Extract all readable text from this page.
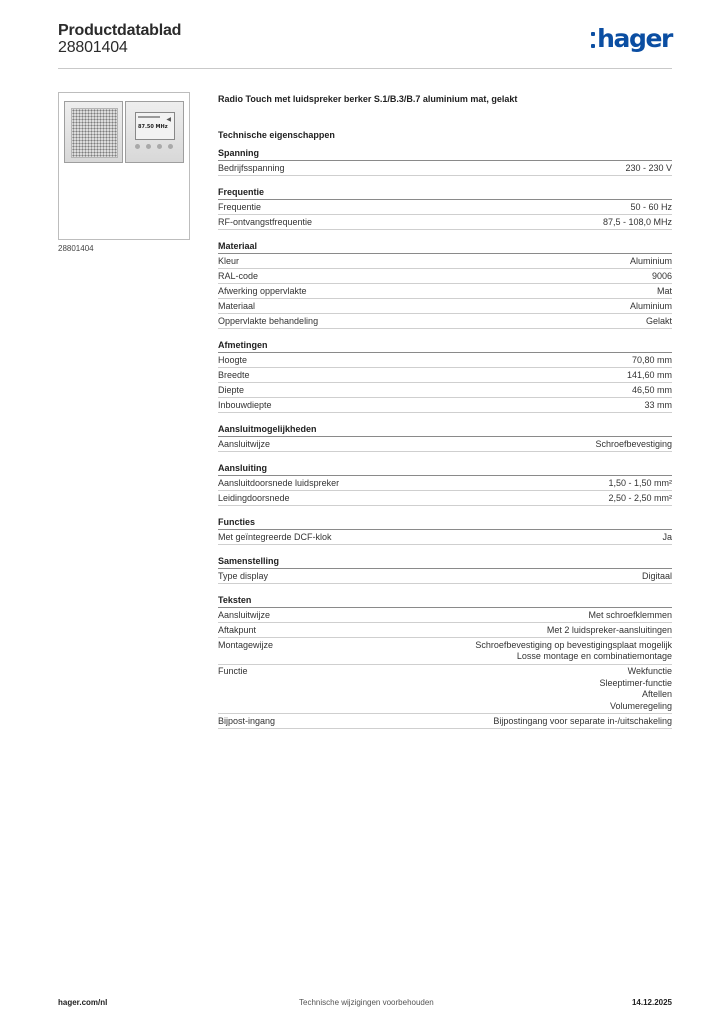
Productdatablad
28801404	hager
◀
87.50 MHz
28801404
Radio Touch met luidspreker berker S.1/B.3/B.7 aluminium mat, gelakt
Technische eigenschappen
Spanning
Bedrijfsspanning	230 - 230 V
Frequentie
Frequentie	50 - 60 Hz
RF-ontvangstfrequentie	87,5 - 108,0 MHz
Materiaal
Kleur	Aluminium
RAL-code	9006
Afwerking oppervlakte	Mat
Materiaal	Aluminium
Oppervlakte behandeling	Gelakt
Afmetingen
Hoogte	70,80 mm
Breedte	141,60 mm
Diepte	46,50 mm
Inbouwdiepte	33 mm
Aansluitmogelijkheden
Aansluitwijze	Schroefbevestiging
Aansluiting
Aansluitdoorsnede luidspreker	1,50 - 1,50 mm²
Leidingdoorsnede	2,50 - 2,50 mm²
Functies
Met geïntegreerde DCF-klok	Ja
Samenstelling
Type display	Digitaal
Teksten
Aansluitwijze	Met schroefklemmen
Aftakpunt	Met 2 luidspreker-aansluitingen
Montagewijze	Schroefbevestiging op bevestigingsplaat mogelijk
Losse montage en combinatiemontage
Functie	Wekfunctie
Sleeptimer-functie
Aftellen
Volumeregeling
Bijpost-ingang	Bijpostingang voor separate in-/uitschakeling
hager.com/nl	Technische wijzigingen voorbehouden	14.12.2025
